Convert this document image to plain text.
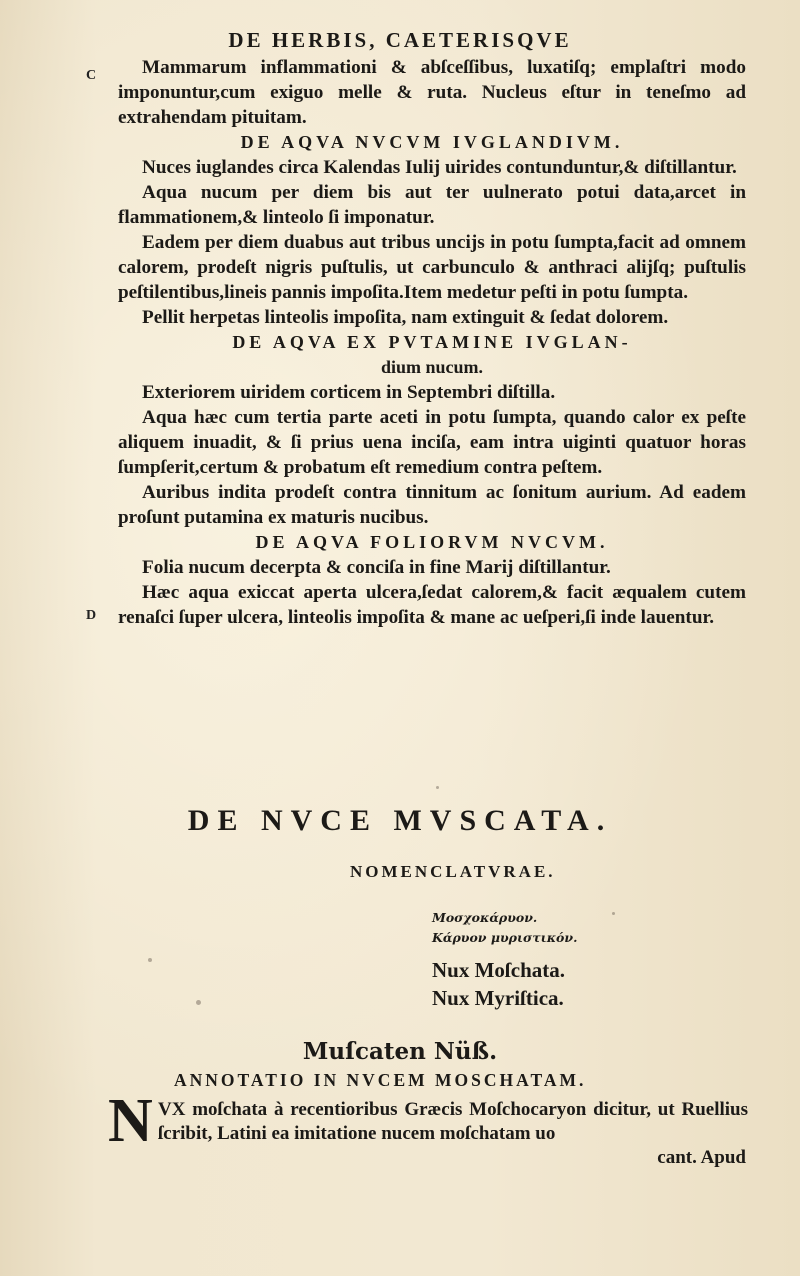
DE HERBIS, CAETERISQVE
C
D

Mammarum inflammationi & abſceſſibus, luxatiſq; emplaſtri modo imponuntur,cum exiguo melle & ruta. Nucleus eſtur in teneſmo ad extrahendam pituitam.

DE AQVA NVCVM IVGLANDIVM.

Nuces iuglandes circa Kalendas Iulij uirides contunduntur,& diſtillantur.

Aqua nucum per diem bis aut ter uulnerato potui data,arcet in flammationem,& linteolo ſi imponatur.

Eadem per diem duabus aut tribus uncijs in potu ſumpta,facit ad omnem calorem, prodeſt nigris puſtulis, ut carbunculo & anthraci alijſq; puſtulis peſtilentibus,lineis pannis impoſita.Item medetur peſti in potu ſumpta.

Pellit herpetas linteolis impoſita, nam extinguit & ſedat dolorem.

DE AQVA EX PVTAMINE IVGLAN-

dium nucum.

Exteriorem uiridem corticem in Septembri diſtilla.

Aqua hæc cum tertia parte aceti in potu ſumpta, quando calor ex peſte aliquem inuadit, & ſi prius uena inciſa, eam intra uiginti quatuor horas ſumpſerit,certum & probatum eſt remedium contra peſtem.

Auribus indita prodeſt contra tinnitum ac ſonitum aurium. Ad eadem proſunt putamina ex maturis nucibus.

DE AQVA FOLIORVM NVCVM.

Folia nucum decerpta & conciſa in fine Marij diſtillantur.

Hæc aqua exiccat aperta ulcera,ſedat calorem,& facit æqualem cutem renaſci ſuper ulcera, linteolis impoſita & mane ac ueſperi,ſi inde lauentur.

DE NVCE MVSCATA.
NOMENCLATVRAE.
Μοσχοκάρυον.
Κάρυον μυριστικόν.
Nux Moſchata.
Nux Myriſtica.
Muſcaten Nüß.
ANNOTATIO IN NVCEM MOSCHATAM.
N VX moſchata à recentioribus Græcis Moſchocaryon dicitur, ut Ruellius ſcribit, Latini ea imitatione nucem moſchatam uo
cant. Apud
